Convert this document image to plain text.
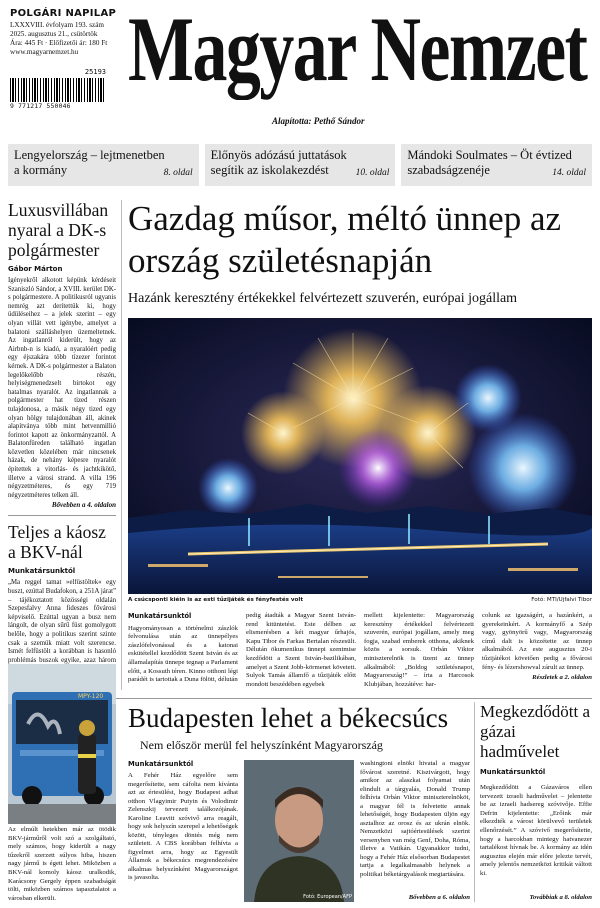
POLGÁRI NAPILAP
LXXXVIII. évfolyam 193. szám
2025. augusztus 21., csütörtök
Ára: 445 Ft · Előfizetői ár: 180 Ft
www.magyarnemzet.hu
25193
9 771217 550046
Magyar Nemzet
Alapította: Pethő Sándor
Lengyelország – lejtmenetben
a kormány	8. oldal
Előnyös adózású juttatások
segítik az iskolakezdést	10. oldal
Mándoki Soulmates – Öt évtized
szabadságzenéje	14. oldal
Luxusvillában nyaral a DK-s polgármester
Gábor Márton
Igényekről alkotott képünk kérdéseit Szaniszló Sándor, a XVIII. kerület DK-s polgármestere. A politikusról ugyanis nemrég azt derítettük ki, hogy üdüléseihez – a jelek szerint – egy olyan villát vett igénybe, amelyet a balatoni szálláshelyen üzemeltetnek. Az ingatlanról kiderült, hogy az Airbnb-n is kiadó, a nyaralóért pedig egy éjszakára több tízezer forintot kérnek. A DK-s polgármester a Balaton legelőkelőbb részén, helyiségmenedzselt birtokot egy hatalmas nyaralót. Az ingatlannak a polgármester hat tized részen tulajdonosa, a másik négy tized egy olyan hölgy tulajdonában áll, akinek alapítványa több mint hetvenmillió forintot kapott az önkormányzattól. A Balatonfüreden található ingatlan közvetlen közelében már nincsenek házak, de nehány képesre nyaralót építettek a vitorlás- és jachtkikötő, illetve a városi strand. A villa 196 négyzetméteres, és egy 719 négyzetméteres telken áll.
Bővebben a 4. oldalon
Teljes a káosz a BKV-nál
Munkatársunktól
„Ma reggel tamat »elfüstöltek« egy buszt, ezúttal Budafokon, a 251A járat” – tájékoztatott közösségi oldalán Szepesfalvy Anna fideszes fővárosi képviselő. Ezúttal ugyan a busz nem lángolt, de olyan sűrű füst gomolygott belőle, hogy a politikus szerint szinte csak a szemük miatt volt szerencse. Ismét felfüstölt a korábban is hasonló problémás buszok egyike, azaz három
Gazdag műsor, méltó ünnep az ország születésnapján
Hazánk keresztény értékekkel felvértezett szuverén, európai jogállam
A csúcsponti kiéin is az esti tűzijáték és fényfestés volt	Fotó: MTI/Ujfalvi Tibor
Munkatársunktól
Hagyományosan a történelmi zászlók felvonulása után az ünnepélyes zászlófelvonással és a katonai eskütétellel kezdődött Szent István és az államalapítás ünnepe tegnap a Parlament előtt, a Kossuth téren. Kinno otthoni légi parádét is tartottak a Duna fölött, délután
pedig átadták a Magyar Szent István-rend kitüntetést. Este délben az elismerésben a két magyar űrhajós, Kapu Tibor és Farkas Bertalan részesült. Délután ökumenikus ünnepi szentmise kezdődött a Szent István-bazilikában, amelyet a Szent Jobb-körmenet követett. Sulyok Tamás államfő a tűzijáték előtt mondott beszédében egyebek
mellett kijelentette: Magyarország keresztény értékekkel felvértezett szuverén, európai jogállam, amely meg fogja, szabad emberek otthona, akiknek közös a sorsuk. Orbán Viktor miniszterelnök is üzent az ünnep alkalmából: „Boldog születésnapot, Magyarország!” – írta a Harcosok Klubjában, hozzátéve: har-
colunk az igazságért, a hazánkért, a gyerekeinkért. A kormányfő a Szép vagy, gyönyörű vagy, Magyarország című dalt is közzétette az ünnep alkalmából. Az este augusztus 20-i tűzijátékot követően pedig a fővárosi fény- és lézershowval zárult az ünnep.
Részletek a 2. oldalon
MPY-120
Fotó: Fővárosi Katasztrófavédelmi Igazgatóság
Az elmúlt hetekben már az ötödik BKV-járműről volt szó a szolgáltató, mely számos, hogy kiderült a nagy tűzekről szerzett súlyos hiba, hiszen nagy jármű is égett lehet. Miközben a BKV-nál komoly káosz uralkodik, Karácsony Gergely éppen szabadságát tölti, miközben számos tapasztalatot a városban elkerüli.
Budapesten lehet a békecsúcs
Nem először merül fel helyszínként Magyarország
Munkatársunktól
A Fehér Ház egyelőre sem megerősítette, sem cáfolta nem kívánta azt az értesülést, hogy Budapest adhat otthon Vlagyimir Putyin és Volodimir Zelenszkij tervezett találkozójának. Karoline Leavitt szóvivő arra reagált, hogy sok helyszín szerepel a lehetőségek között, tényleges döntés még nem született. A CBS korábban felhívta a figyelmet arra, hogy az Egyesült Államok a békecsúcs megrendezésére alkalmas helyszínként Magyarországot is javasolta.
Fotó: European/AFP
washingtoni elnöki hivatal a magyar fővárost szeretné. Kiszivárgott, hogy amikor az alaszkai folyamat után elindult a tárgyalás, Donald Trump felhívta Orbán Viktor miniszterelnököt, a magyar fél is felvetette annak lehetőségét, hogy Budapesten üljön egy asztalhoz az orosz és az ukrán elnök. Nemzetközi sajtóértesülések szerint versenyben van még Genf, Doha, Róma, illetve a Vatikán. Ugyanakkor tudni, hogy a Fehér Ház elsősorban Budapestet tartja a legalkalmasabb helynek a politikai béketárgyalások megtartására.
Bővebben a 6. oldalon
Megkezdődött a gázai hadművelet
Munkatársunktól
Megkezdődött a Gázaváros ellen tervezett izraeli hadművelet – jelentette be az izraeli hadsereg szóvivője. Effie Defrin kijelentette: „Erőink már elkezdték a várost körülvevő területek ellenőrzését.” A szóvivő megerősítette, hogy a harcokban mintegy hatvanezer tartalékost hívnak be. A kormány az idén augusztus elején már előre jelezte tervét, amely jelentős nemzetközi kritikát váltott ki.
Továbbiak a 8. oldalon
